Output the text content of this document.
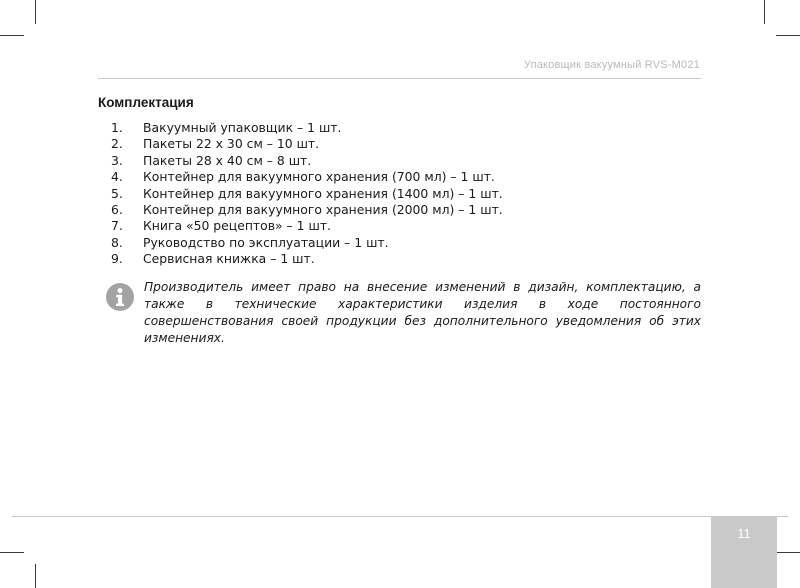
Упаковщик вакуумный RVS-M021
Комплектация
1. Вакуумный упаковщик – 1 шт.
2. Пакеты 22 х 30 см – 10 шт.
3. Пакеты 28 х 40 см – 8 шт.
4. Контейнер для вакуумного хранения (700 мл) – 1 шт.
5. Контейнер для вакуумного хранения (1400 мл) – 1 шт.
6. Контейнер для вакуумного хранения (2000 мл) – 1 шт.
7. Книга «50 рецептов» – 1 шт.
8. Руководство по эксплуатации – 1 шт.
9. Сервисная книжка – 1 шт.
Производитель имеет право на внесение изменений в дизайн, комплектацию, а также в технические характеристики изделия в ходе постоянного совершенствования своей продукции без дополнительного уведомления об этих изменениях.
11
